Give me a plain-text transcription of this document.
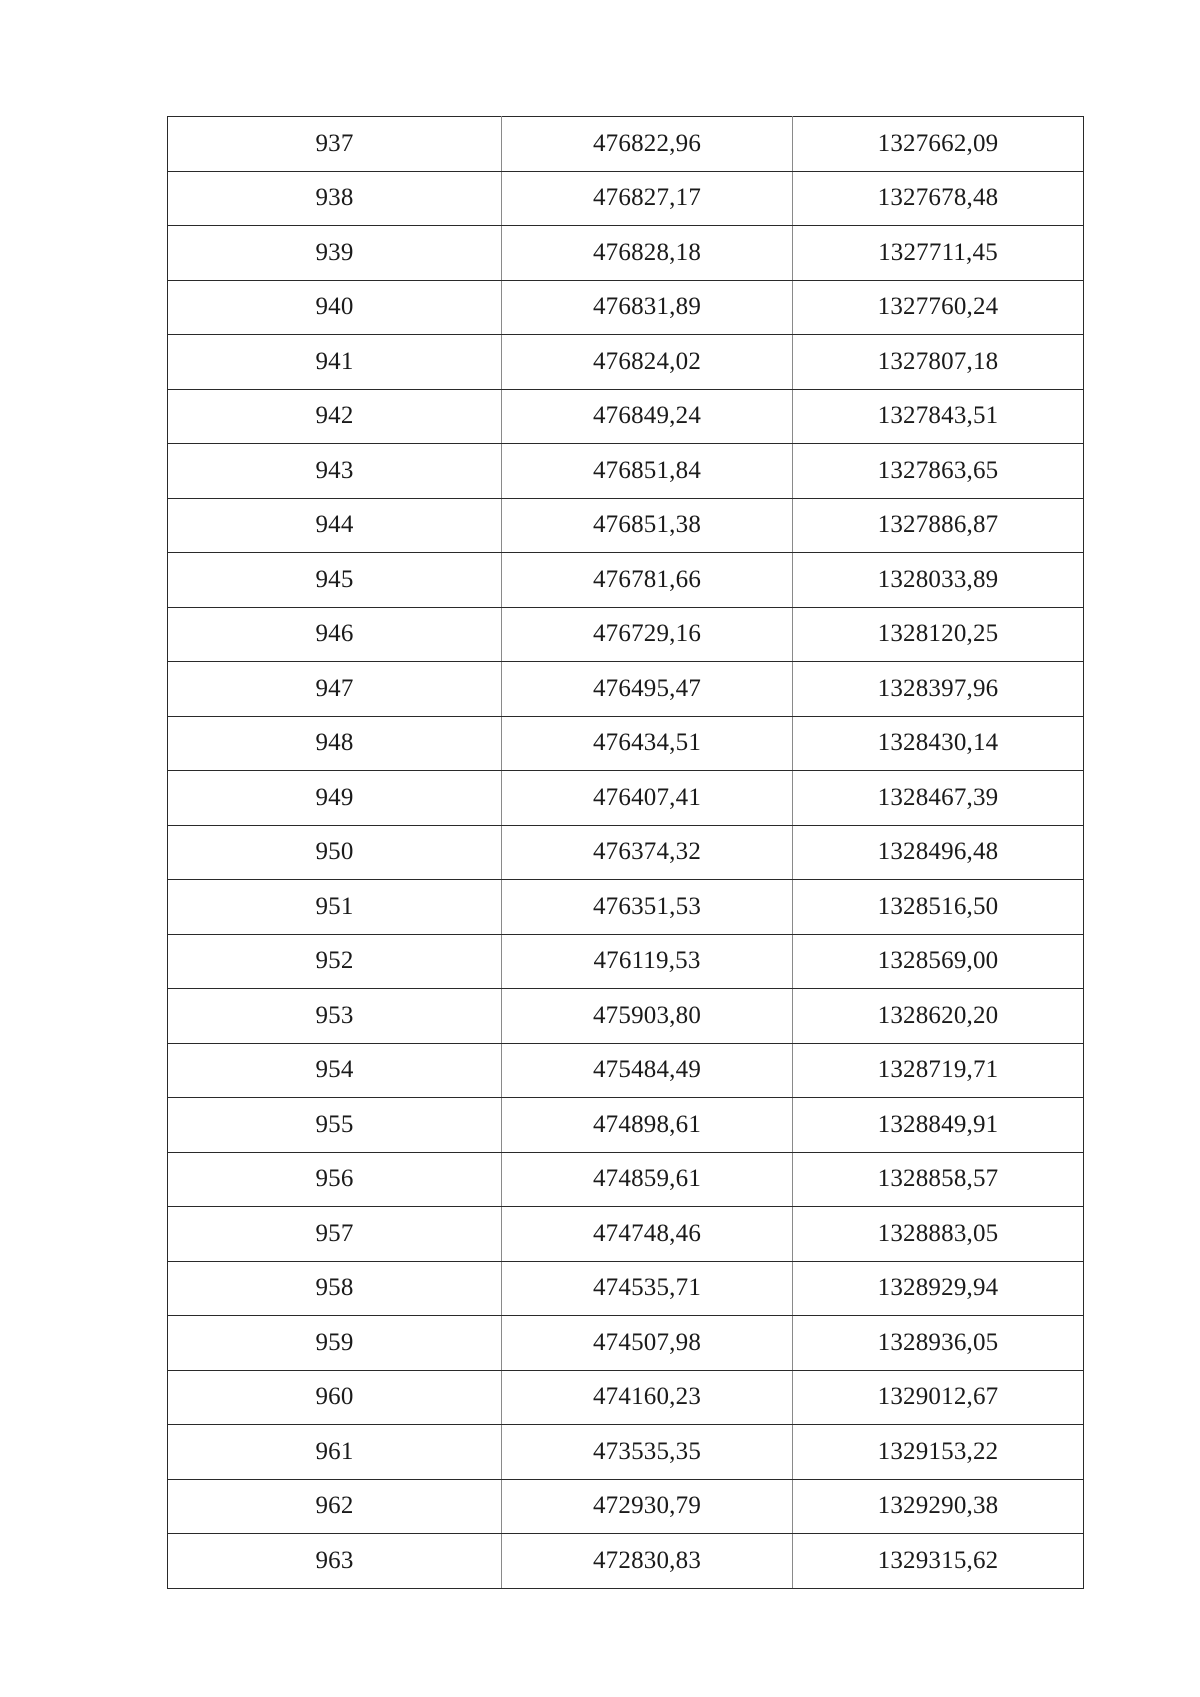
937	476822,96	1327662,09
938	476827,17	1327678,48
939	476828,18	1327711,45
940	476831,89	1327760,24
941	476824,02	1327807,18
942	476849,24	1327843,51
943	476851,84	1327863,65
944	476851,38	1327886,87
945	476781,66	1328033,89
946	476729,16	1328120,25
947	476495,47	1328397,96
948	476434,51	1328430,14
949	476407,41	1328467,39
950	476374,32	1328496,48
951	476351,53	1328516,50
952	476119,53	1328569,00
953	475903,80	1328620,20
954	475484,49	1328719,71
955	474898,61	1328849,91
956	474859,61	1328858,57
957	474748,46	1328883,05
958	474535,71	1328929,94
959	474507,98	1328936,05
960	474160,23	1329012,67
961	473535,35	1329153,22
962	472930,79	1329290,38
963	472830,83	1329315,62
